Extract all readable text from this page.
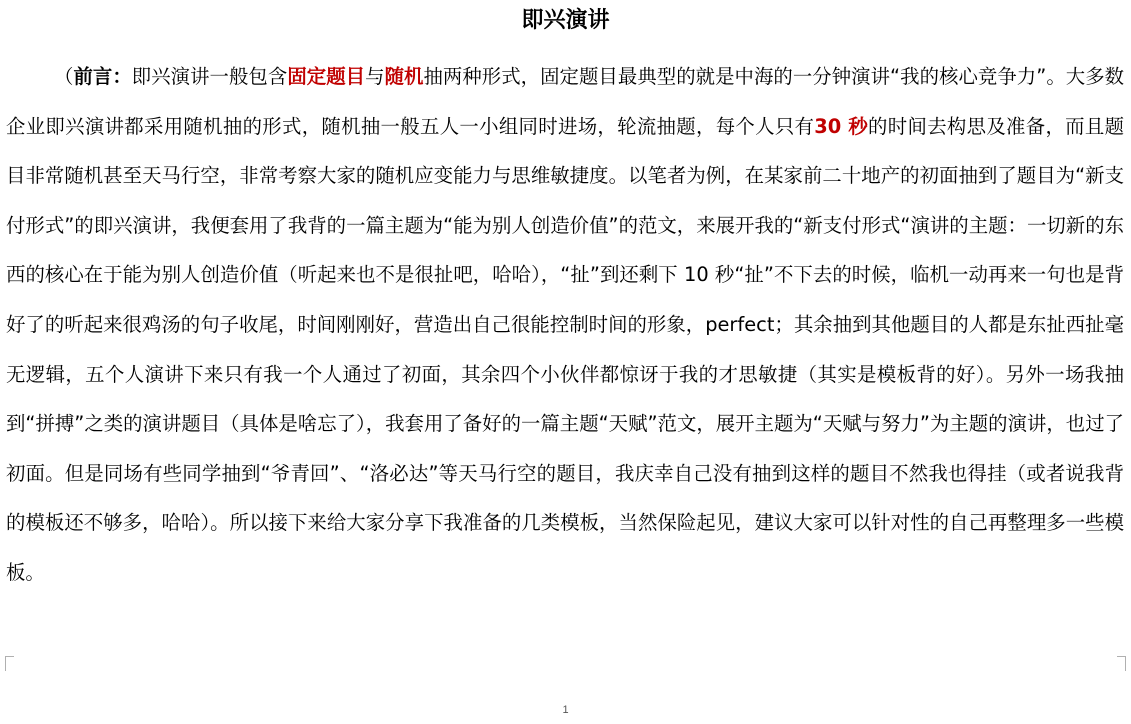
即兴演讲

（前言：即兴演讲一般包含固定题目与随机抽两种形式，固定题目最典型的就是中海的一分钟演讲“我的核心竞争力”。大多数企业即兴演讲都采用随机抽的形式，随机抽一般五人一小组同时进场，轮流抽题，每个人只有30 秒的时间去构思及准备，而且题目非常随机甚至天马行空，非常考察大家的随机应变能力与思维敏捷度。以笔者为例，在某家前二十地产的初面抽到了题目为“新支付形式”的即兴演讲，我便套用了我背的一篇主题为“能为别人创造价值”的范文，来展开我的“新支付形式“演讲的主题：一切新的东西的核心在于能为别人创造价值（听起来也不是很扯吧，哈哈），“扯”到还剩下 10 秒“扯”不下去的时候，临机一动再来一句也是背好了的听起来很鸡汤的句子收尾，时间刚刚好，营造出自己很能控制时间的形象，perfect；其余抽到其他题目的人都是东扯西扯毫无逻辑，五个人演讲下来只有我一个人通过了初面，其余四个小伙伴都惊讶于我的才思敏捷（其实是模板背的好）。另外一场我抽到“拼搏”之类的演讲题目（具体是啥忘了），我套用了备好的一篇主题“天赋”范文，展开主题为“天赋与努力”为主题的演讲，也过了初面。但是同场有些同学抽到“爷青回”、“洛必达”等天马行空的题目，我庆幸自己没有抽到这样的题目不然我也得挂（或者说我背的模板还不够多，哈哈）。所以接下来给大家分享下我准备的几类模板，当然保险起见，建议大家可以针对性的自己再整理多一些模板。

1
